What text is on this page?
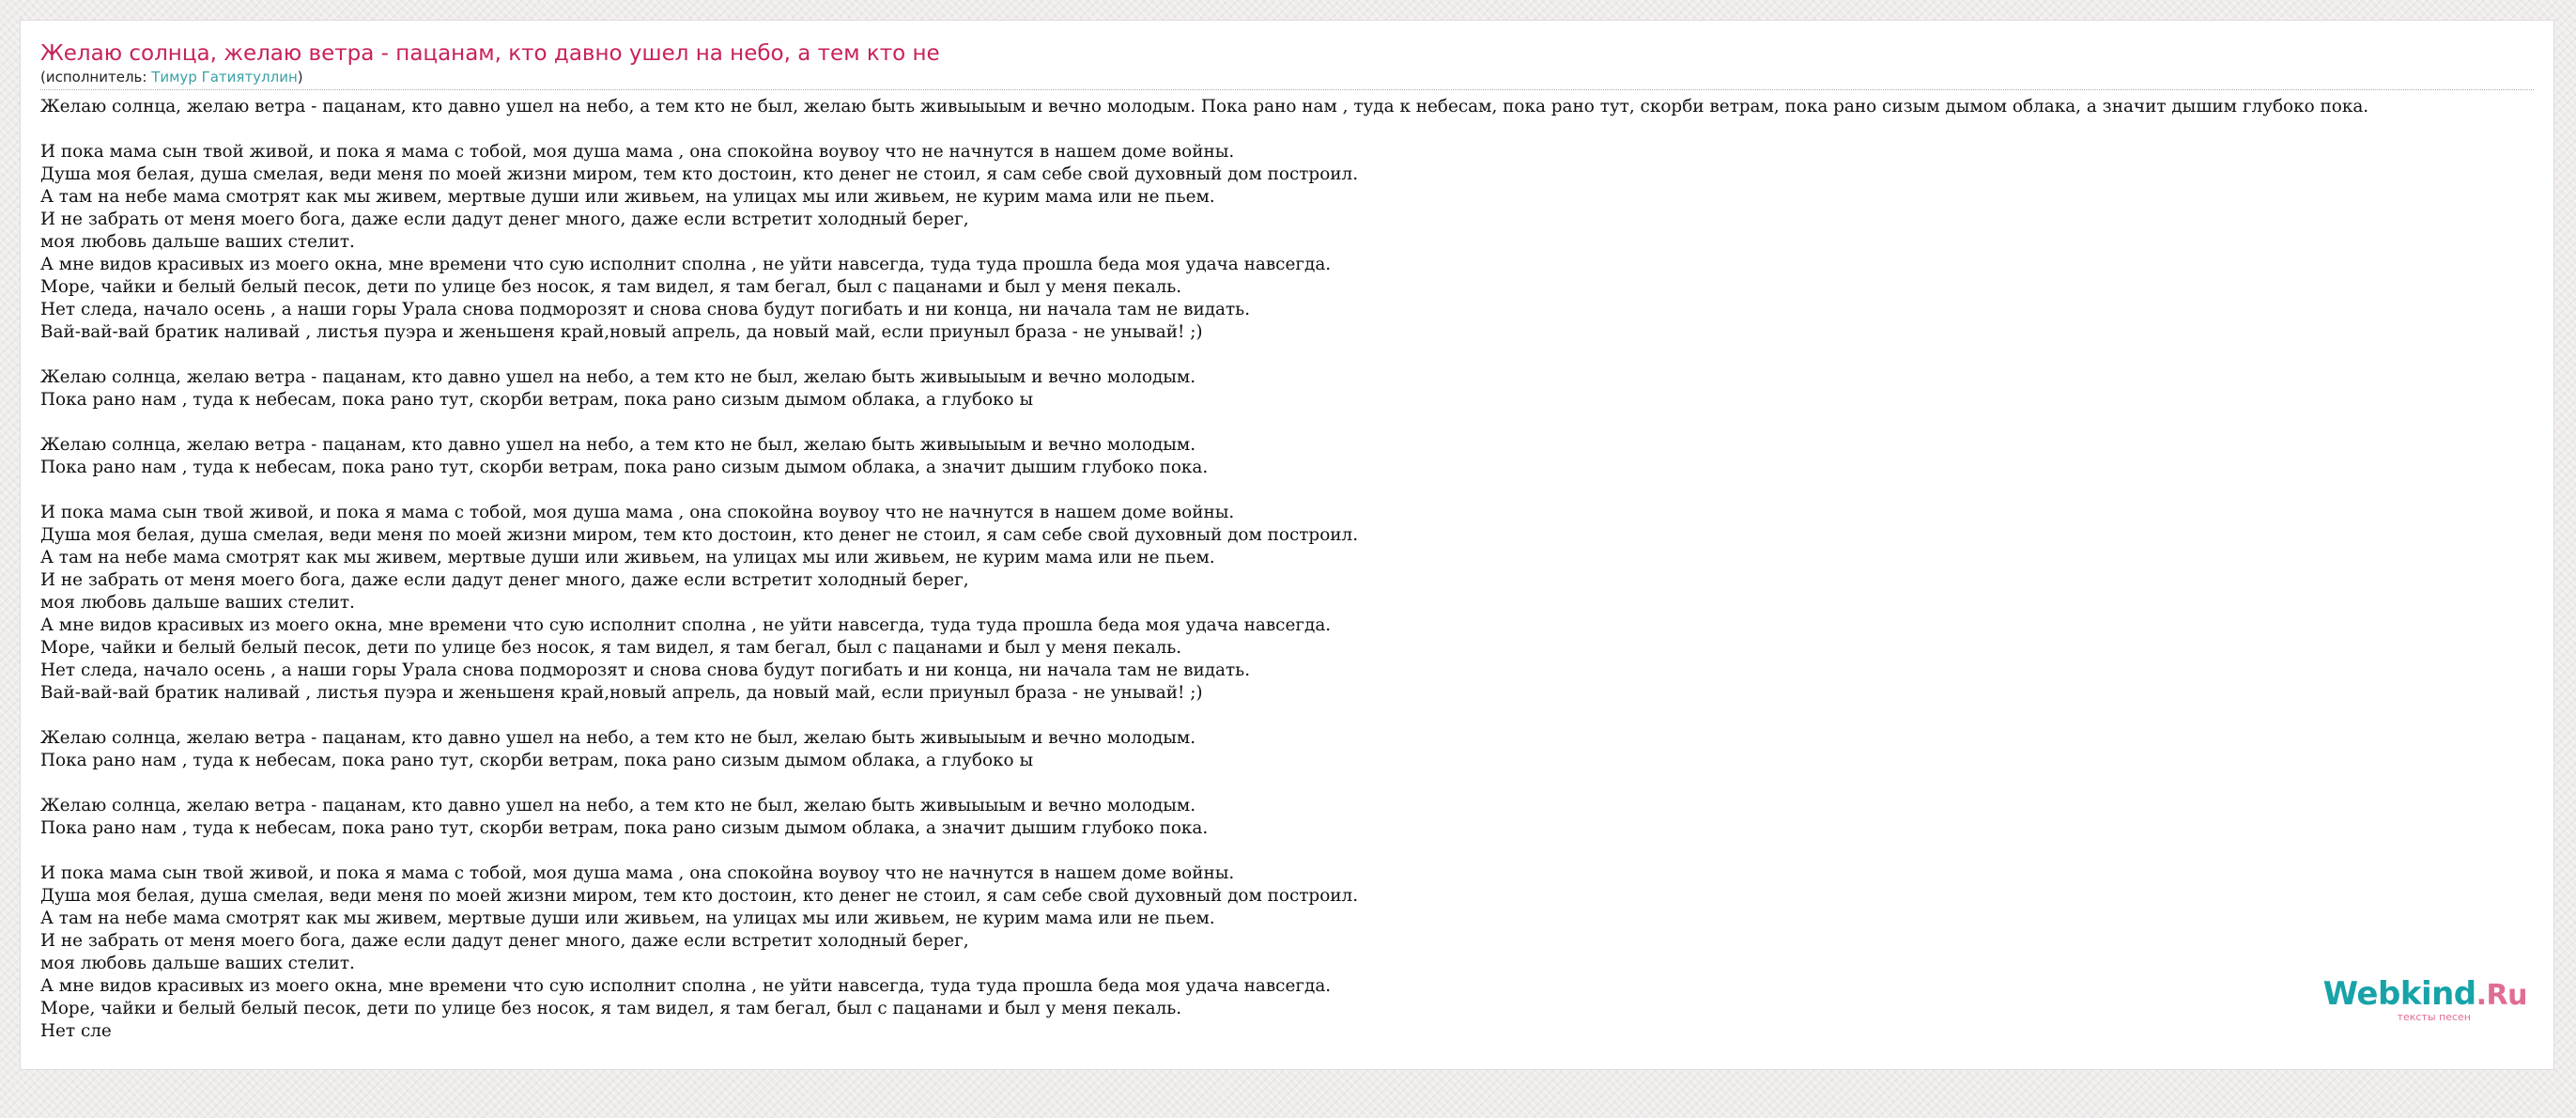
Желаю солнца, желаю ветра - пацанам, кто давно ушел на небо, а тем кто не
(исполнитель: Тимур Гатиятуллин)
Желаю солнца, желаю ветра - пацанам, кто давно ушел на небо, а тем кто не был, желаю быть живыыыым и вечно молодым. Пока рано нам , туда к небесам, пока рано тут, скорби ветрам, пока рано сизым дымом облака, а значит дышим глубоко пока.

И пока мама сын твой живой, и пока я мама с тобой, моя душа мама , она спокойна воувоу что не начнутся в нашем доме войны.
Душа моя белая, душа смелая, веди меня по моей жизни миром, тем кто достоин, кто денег не стоил, я сам себе свой духовный дом построил.
А там на небе мама смотрят как мы живем, мертвые души или живьем, на улицах мы или живьем, не курим мама или не пьем.
И не забрать от меня моего бога, даже если дадут денег много, даже если встретит холодный берег,
моя любовь дальше ваших стелит.
А мне видов красивых из моего окна, мне времени что сую исполнит сполна , не уйти навсегда, туда туда прошла беда моя удача навсегда.
Море, чайки и белый белый песок, дети по улице без носок, я там видел, я там бегал, был с пацанами и был у меня пекаль.
Нет следа, начало осень , а наши горы Урала снова подморозят и снова снова будут погибать и ни конца, ни начала там не видать.
Вай-вай-вай братик наливай , листья пуэра и женьшеня край,новый апрель, да новый май, если приуныл браза - не унывай! ;)

Желаю солнца, желаю ветра - пацанам, кто давно ушел на небо, а тем кто не был, желаю быть живыыыым и вечно молодым.
Пока рано нам , туда к небесам, пока рано тут, скорби ветрам, пока рано сизым дымом облака, а глубоко ы

Желаю солнца, желаю ветра - пацанам, кто давно ушел на небо, а тем кто не был, желаю быть живыыыым и вечно молодым.
Пока рано нам , туда к небесам, пока рано тут, скорби ветрам, пока рано сизым дымом облака, а значит дышим глубоко пока.

И пока мама сын твой живой, и пока я мама с тобой, моя душа мама , она спокойна воувоу что не начнутся в нашем доме войны.
Душа моя белая, душа смелая, веди меня по моей жизни миром, тем кто достоин, кто денег не стоил, я сам себе свой духовный дом построил.
А там на небе мама смотрят как мы живем, мертвые души или живьем, на улицах мы или живьем, не курим мама или не пьем.
И не забрать от меня моего бога, даже если дадут денег много, даже если встретит холодный берег,
моя любовь дальше ваших стелит.
А мне видов красивых из моего окна, мне времени что сую исполнит сполна , не уйти навсегда, туда туда прошла беда моя удача навсегда.
Море, чайки и белый белый песок, дети по улице без носок, я там видел, я там бегал, был с пацанами и был у меня пекаль.
Нет следа, начало осень , а наши горы Урала снова подморозят и снова снова будут погибать и ни конца, ни начала там не видать.
Вай-вай-вай братик наливай , листья пуэра и женьшеня край,новый апрель, да новый май, если приуныл браза - не унывай! ;)

Желаю солнца, желаю ветра - пацанам, кто давно ушел на небо, а тем кто не был, желаю быть живыыыым и вечно молодым.
Пока рано нам , туда к небесам, пока рано тут, скорби ветрам, пока рано сизым дымом облака, а глубоко ы

Желаю солнца, желаю ветра - пацанам, кто давно ушел на небо, а тем кто не был, желаю быть живыыыым и вечно молодым.
Пока рано нам , туда к небесам, пока рано тут, скорби ветрам, пока рано сизым дымом облака, а значит дышим глубоко пока.

И пока мама сын твой живой, и пока я мама с тобой, моя душа мама , она спокойна воувоу что не начнутся в нашем доме войны.
Душа моя белая, душа смелая, веди меня по моей жизни миром, тем кто достоин, кто денег не стоил, я сам себе свой духовный дом построил.
А там на небе мама смотрят как мы живем, мертвые души или живьем, на улицах мы или живьем, не курим мама или не пьем.
И не забрать от меня моего бога, даже если дадут денег много, даже если встретит холодный берег,
моя любовь дальше ваших стелит.
А мне видов красивых из моего окна, мне времени что сую исполнит сполна , не уйти навсегда, туда туда прошла беда моя удача навсегда.
Море, чайки и белый белый песок, дети по улице без носок, я там видел, я там бегал, был с пацанами и был у меня пекаль.
Нет сле
Webkind.Ru
тексты песен
